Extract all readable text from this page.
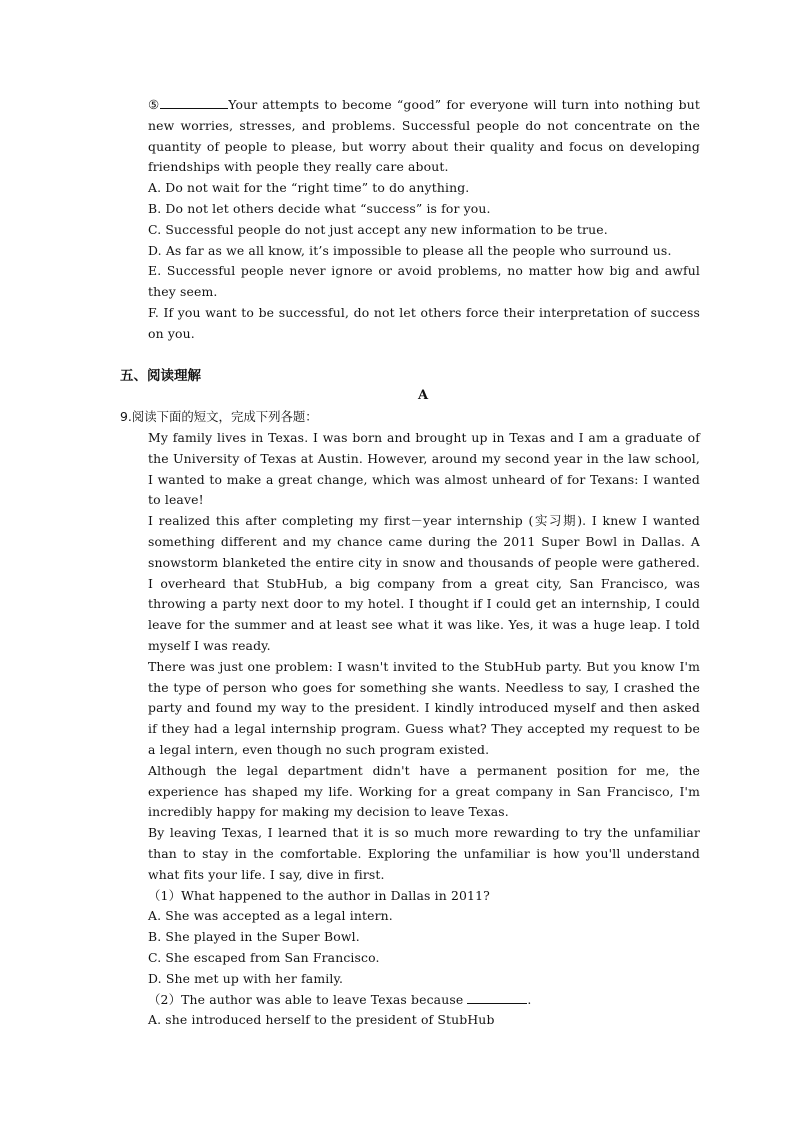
⑤	Your attempts to become “good” for everyone will turn into nothing but new worries, stresses, and problems. Successful people do not concentrate on the quantity of people to please, but worry about their quality and focus on developing friendships with people they really care about.

A. Do not wait for the “right time” to do anything.

B. Do not let others decide what “success” is for you.

C. Successful people do not just accept any new information to be true.

D. As far as we all know, it’s impossible to please all the people who surround us.

E. Successful people never ignore or avoid problems, no matter how big and awful they seem.

F. If you want to be successful, do not let others force their interpretation of success on you.

五、阅读理解
A
9.阅读下面的短文，完成下列各题：

My family lives in Texas. I was born and brought up in Texas and I am a graduate of the University of Texas at Austin. However, around my second year in the law school, I wanted to make a great change, which was almost unheard of for Texans: I wanted to leave!

I realized this after completing my first－year internship (实习期). I knew I wanted something different and my chance came during the 2011 Super Bowl in Dallas. A snowstorm blanketed the entire city in snow and thousands of people were gathered. I overheard that StubHub, a big company from a great city, San Francisco, was throwing a party next door to my hotel. I thought if I could get an internship, I could leave for the summer and at least see what it was like. Yes, it was a huge leap. I told myself I was ready.

There was just one problem: I wasn't invited to the StubHub party. But you know I'm the type of person who goes for something she wants. Needless to say, I crashed the party and found my way to the president. I kindly introduced myself and then asked if they had a legal internship program. Guess what? They accepted my request to be a legal intern, even though no such program existed.

Although the legal department didn't have a permanent position for me, the experience has shaped my life. Working for a great company in San Francisco, I'm incredibly happy for making my decision to leave Texas.

By leaving Texas, I learned that it is so much more rewarding to try the unfamiliar than to stay in the comfortable. Exploring the unfamiliar is how you'll understand what fits your life. I say, dive in first.

（1）What happened to the author in Dallas in 2011?

A. She was accepted as a legal intern.

B. She played in the Super Bowl.

C. She escaped from San Francisco.

D. She met up with her family.

（2）The author was able to leave Texas because	.

A. she introduced herself to the president of StubHub
